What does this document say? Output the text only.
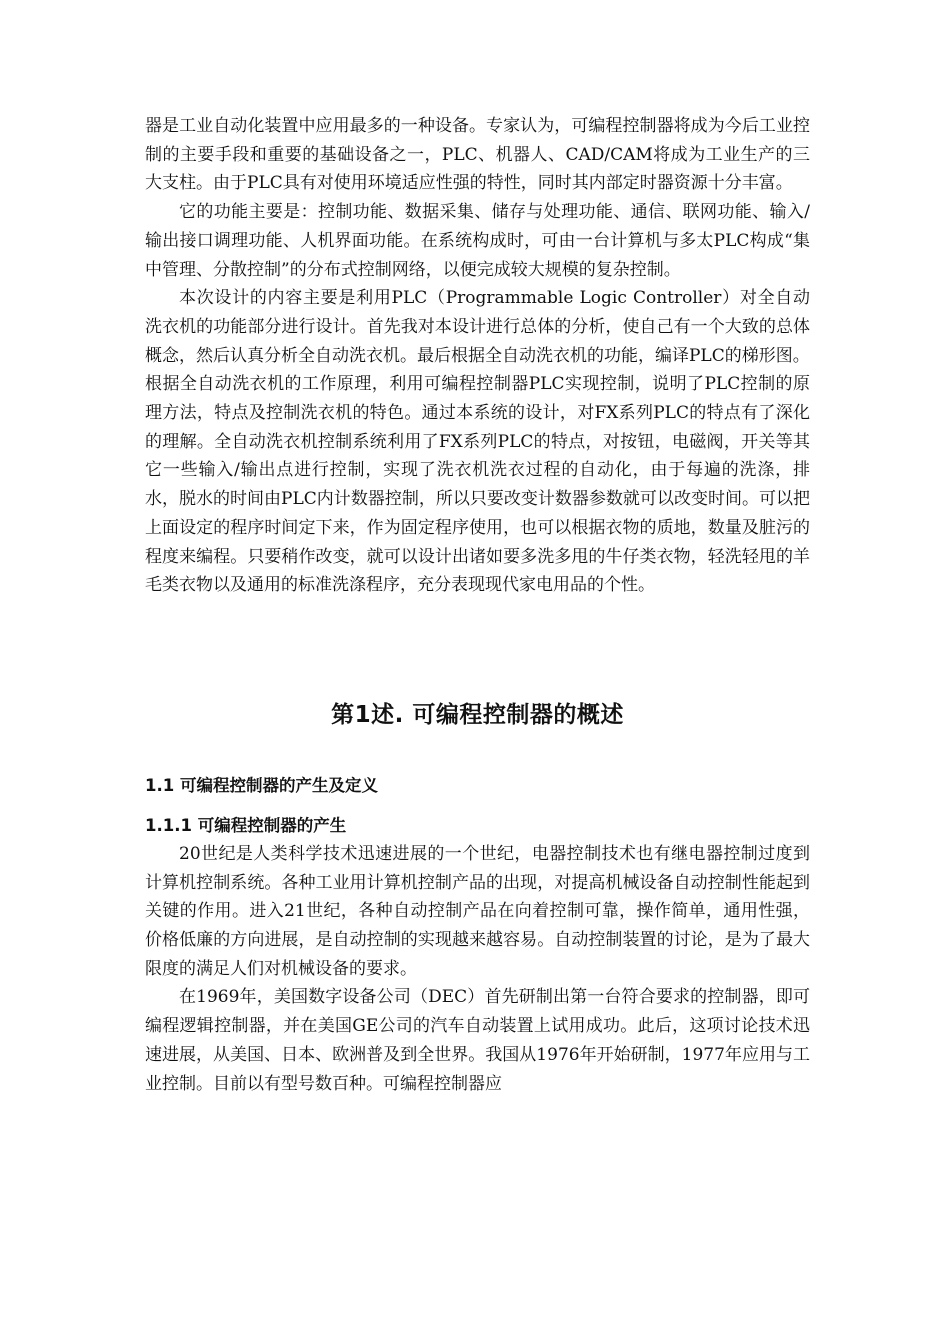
器是工业自动化装置中应用最多的一种设备。专家认为，可编程控制器将成为今后工业控制的主要手段和重要的基础设备之一，PLC、机器人、CAD/CAM将成为工业生产的三大支柱。由于PLC具有对使用环境适应性强的特性，同时其内部定时器资源十分丰富。

它的功能主要是：控制功能、数据采集、储存与处理功能、通信、联网功能、输入/输出接口调理功能、人机界面功能。在系统构成时，可由一台计算机与多太PLC构成“集中管理、分散控制”的分布式控制网络，以便完成较大规模的复杂控制。

本次设计的内容主要是利用PLC（Programmable Logic Controller）对全自动洗衣机的功能部分进行设计。首先我对本设计进行总体的分析，使自己有一个大致的总体概念，然后认真分析全自动洗衣机。最后根据全自动洗衣机的功能，编译PLC的梯形图。

根据全自动洗衣机的工作原理，利用可编程控制器PLC实现控制，说明了PLC控制的原理方法，特点及控制洗衣机的特色。通过本系统的设计，对FX系列PLC的特点有了深化的理解。全自动洗衣机控制系统利用了FX系列PLC的特点，对按钮，电磁阀，开关等其它一些输入/输出点进行控制，实现了洗衣机洗衣过程的自动化，由于每遍的洗涤，排水，脱水的时间由PLC内计数器控制，所以只要改变计数器参数就可以改变时间。可以把上面设定的程序时间定下来，作为固定程序使用，也可以根据衣物的质地，数量及脏污的程度来编程。只要稍作改变，就可以设计出诸如要多洗多甩的牛仔类衣物，轻洗轻甩的羊毛类衣物以及通用的标准洗涤程序，充分表现现代家电用品的个性。

第1述. 可编程控制器的概述
1.1 可编程控制器的产生及定义
1.1.1 可编程控制器的产生

20世纪是人类科学技术迅速进展的一个世纪，电器控制技术也有继电器控制过度到计算机控制系统。各种工业用计算机控制产品的出现，对提高机械设备自动控制性能起到关键的作用。进入21世纪，各种自动控制产品在向着控制可靠，操作简单，通用性强，价格低廉的方向进展，是自动控制的实现越来越容易。自动控制装置的讨论，是为了最大限度的满足人们对机械设备的要求。

在1969年，美国数字设备公司（DEC）首先研制出第一台符合要求的控制器，即可编程逻辑控制器，并在美国GE公司的汽车自动装置上试用成功。此后，这项讨论技术迅速进展，从美国、日本、欧洲普及到全世界。我国从1976年开始研制，1977年应用与工业控制。目前以有型号数百种。可编程控制器应
